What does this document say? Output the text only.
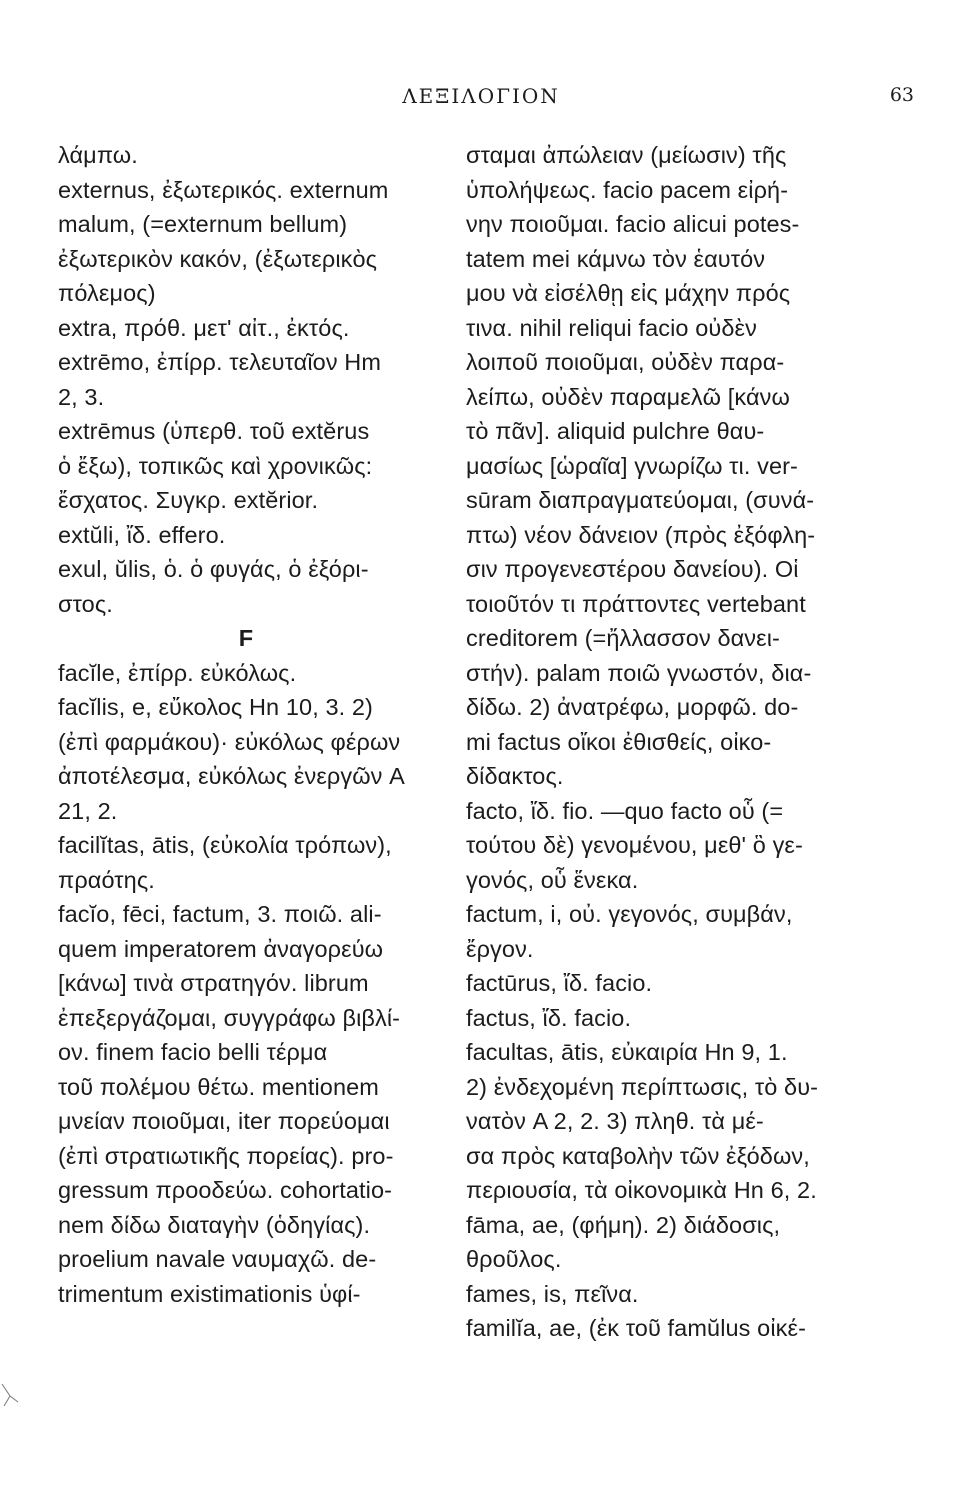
ΛΕΞΙΛΟΓΙΟΝ	63
λάμπω.
externus, ἐξωτερικός. externum
malum, (=externum bellum)
ἐξωτερικὸν κακόν, (ἐξωτερικὸς
πόλεμος)
extra, πρόθ. μετ' αἰτ., ἐκτός.
extrēmo, ἐπίρρ. τελευταῖον Hm
2, 3.
extrēmus (ὑπερθ. τοῦ extĕrus
ὁ ἔξω), τοπικῶς καὶ χρονικῶς:
ἔσχατος. Συγκρ. extĕrior.
extŭli, ἴδ. effero.
exul, ŭlis, ὁ. ὁ φυγάς, ὁ ἐξόρι-
στος.
F
facĭle, ἐπίρρ. εὐκόλως.
facĭlis, e, εὔκολος Hn 10, 3. 2)
(ἐπὶ φαρμάκου)· εὐκόλως φέρων
ἀποτέλεσμα, εὐκόλως ἐνεργῶν A
21, 2.
facilĭtas, ātis, (εὐκολία τρόπων),
πραότης.
facĭo, fēci, factum, 3. ποιῶ. ali-
quem imperatorem ἀναγορεύω
[κάνω] τινὰ στρατηγόν. librum
ἐπεξεργάζομαι, συγγράφω βιβλί-
ον. finem facio belli τέρμα
τοῦ πολέμου θέτω. mentionem
μνείαν ποιοῦμαι, iter πορεύομαι
(ἐπὶ στρατιωτικῆς πορείας). pro-
gressum προοδεύω. cohortatio-
nem δίδω διαταγὴν (ὁδηγίας).
proelium navale ναυμαχῶ. de-
trimentum existimationis ὑφί-
σταμαι ἀπώλειαν (μείωσιν) τῆς
ὑπολήψεως. facio pacem εἰρή-
νην ποιοῦμαι. facio alicui potes-
tatem mei κάμνω τὸν ἑαυτόν
μου νὰ εἰσέλθῃ εἰς μάχην πρός
τινα. nihil reliqui facio οὐδὲν
λοιποῦ ποιοῦμαι, οὐδὲν παρα-
λείπω, οὐδὲν παραμελῶ [κάνω
τὸ πᾶν]. aliquid pulchre θαυ-
μασίως [ὡραῖα] γνωρίζω τι. ver-
sūram διαπραγματεύομαι, (συνά-
πτω) νέον δάνειον (πρὸς ἐξόφλη-
σιν προγενεστέρου δανείου). Οἱ
τοιοῦτόν τι πράττοντες vertebant
creditorem (=ἤλλασσον δανει-
στήν). palam ποιῶ γνωστόν, δια-
δίδω. 2) ἀνατρέφω, μορφῶ. do-
mi factus οἴκοι ἐθισθείς, οἰκο-
δίδακτος.
facto, ἴδ. fio. —quo facto οὗ (=
τούτου δὲ) γενομένου, μεθ' ὃ γε-
γονός, οὗ ἕνεκα.
factum, i, οὐ. γεγονός, συμβάν,
ἔργον.
factūrus, ἴδ. facio.
factus, ἴδ. facio.
facultas, ātis, εὐκαιρία Hn 9, 1.
2) ἐνδεχομένη περίπτωσις, τὸ δυ-
νατὸν A 2, 2. 3) πληθ. τὰ μέ-
σα πρὸς καταβολὴν τῶν ἐξόδων,
περιουσία, τὰ οἰκονομικὰ Hn 6, 2.
fāma, ae, (φήμη). 2) διάδοσις,
θροῦλος.
fames, is, πεῖνα.
familĭa, ae, (ἐκ τοῦ famŭlus οἰκέ-
